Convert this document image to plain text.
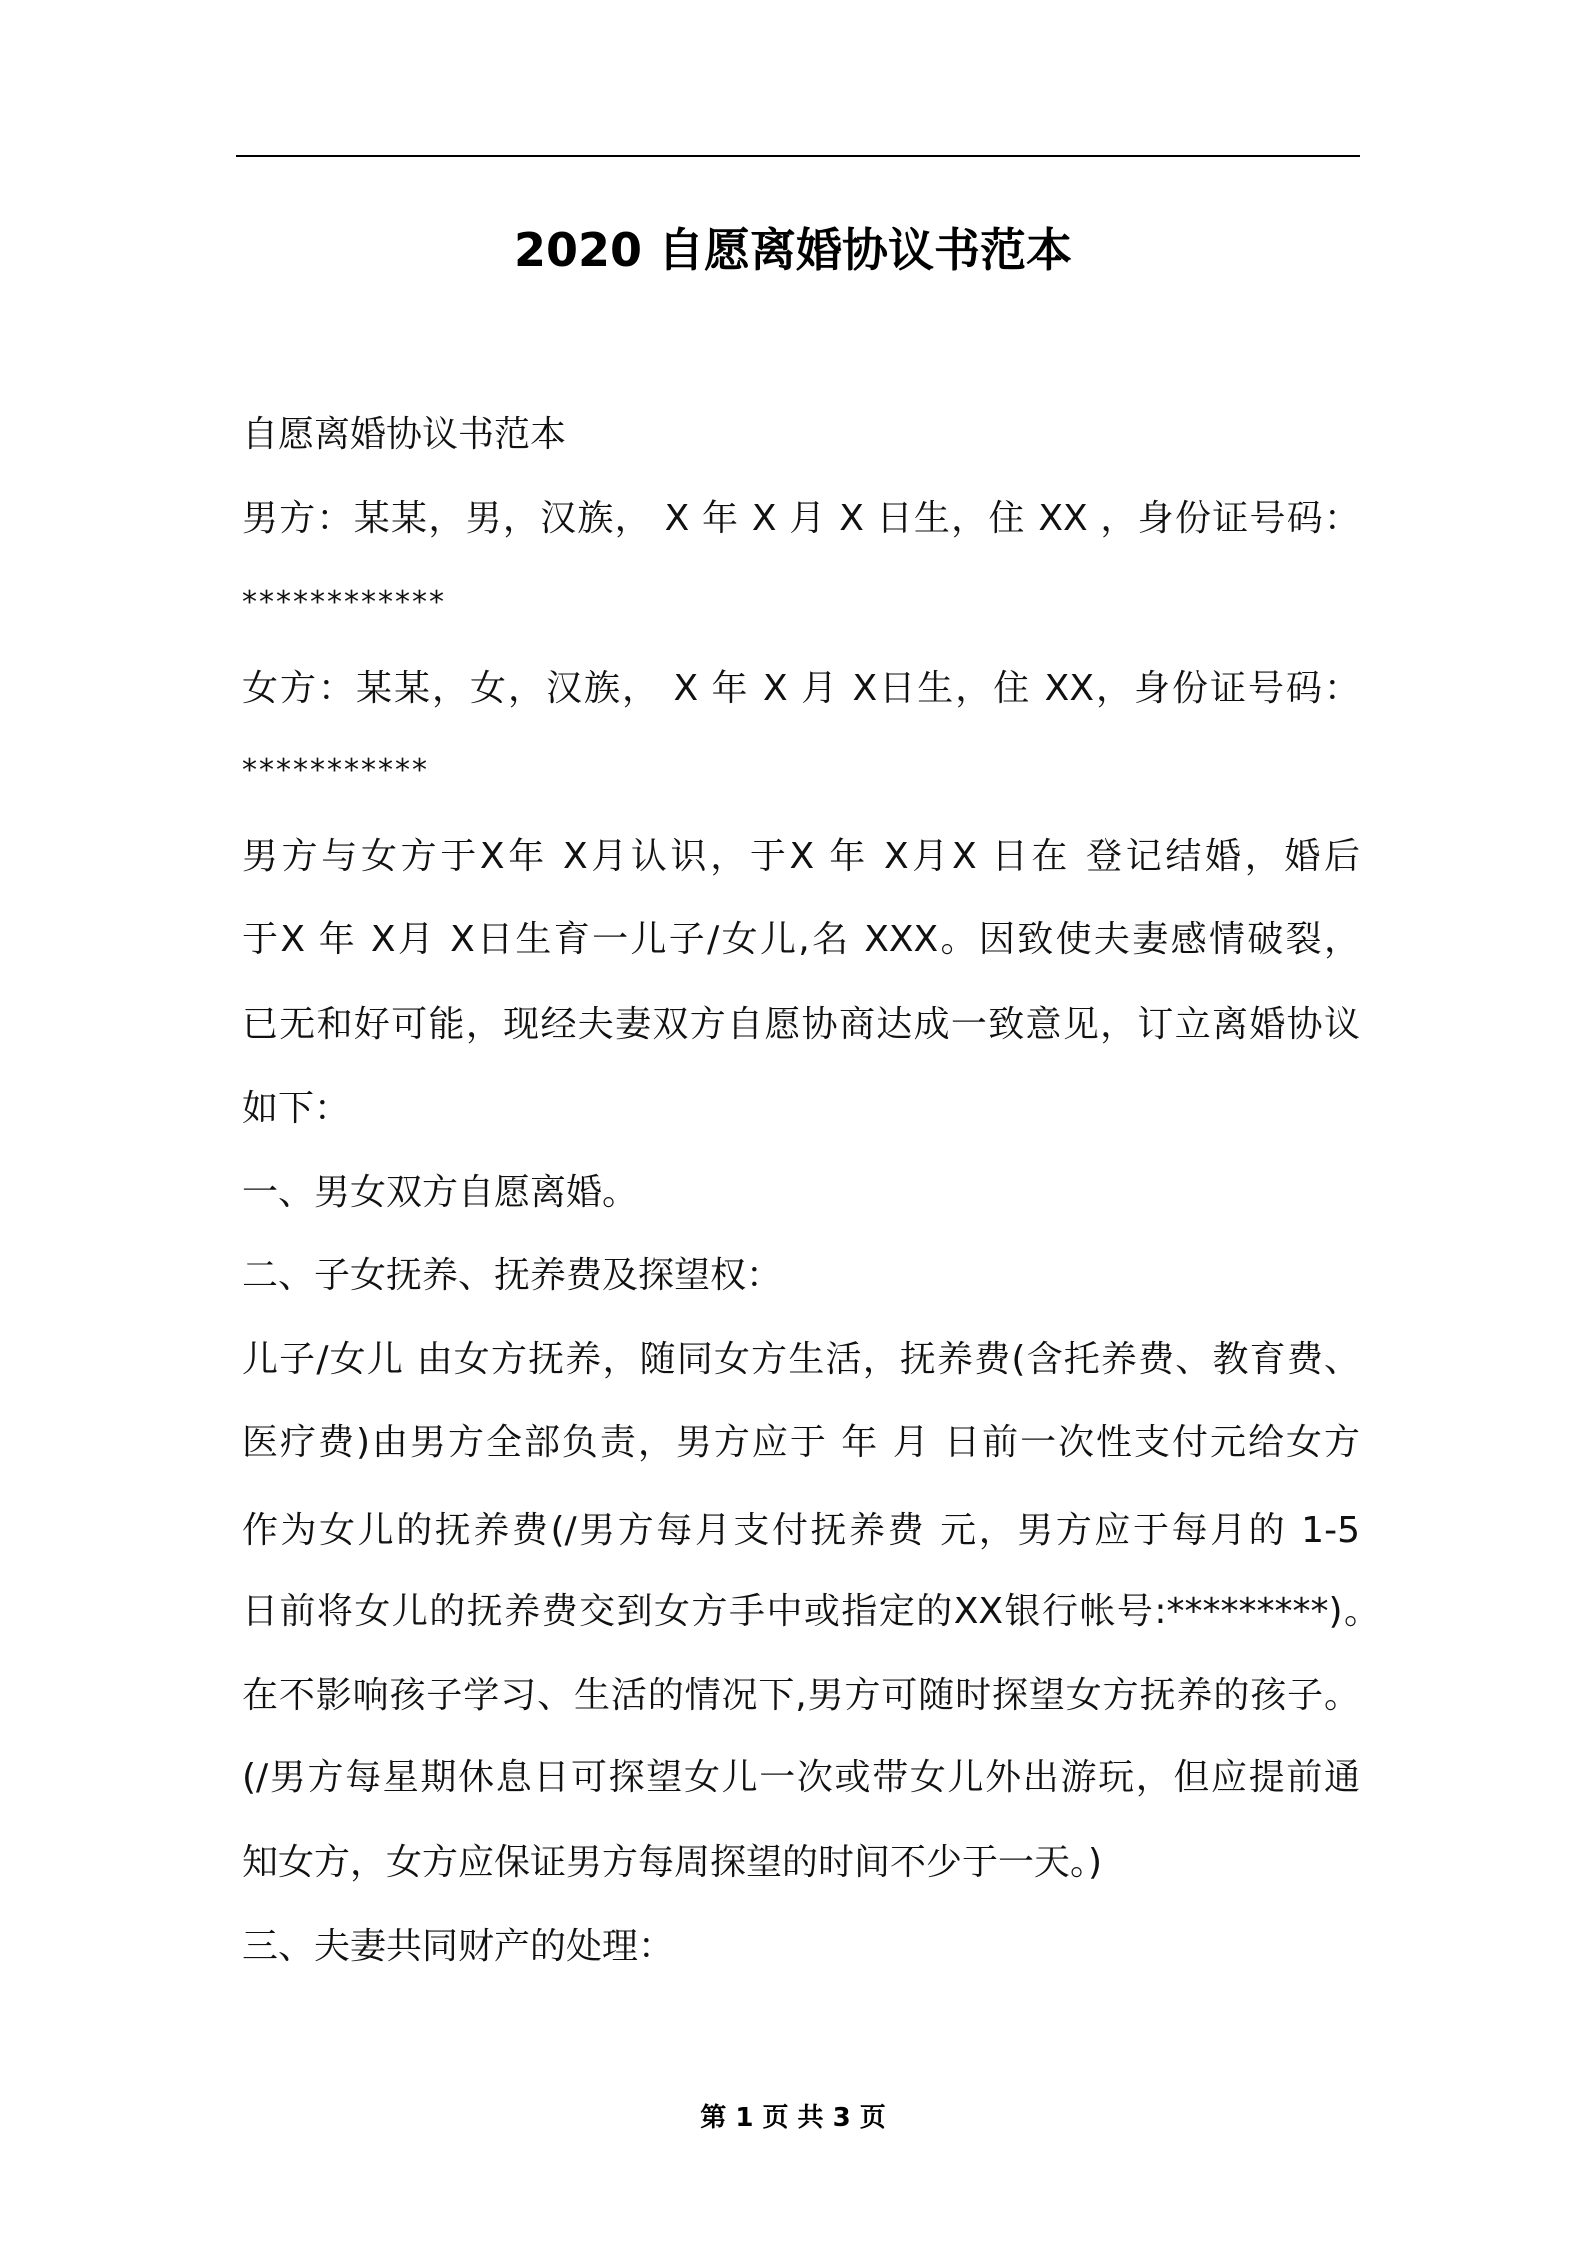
2020 自愿离婚协议书范本
自愿离婚协议书范本
男方：某某，男，汉族， X 年 X 月 X 日生，住 XX ，身份证号码：
************
女方：某某，女，汉族， X 年 X 月 X日生，住 XX，身份证号码：
***********
男方与女方于X年 X月认识，于X 年 X月X 日在 登记结婚，婚后
于X 年 X月 X日生育一儿子/女儿,名 XXX。因致使夫妻感情破裂，
已无和好可能，现经夫妻双方自愿协商达成一致意见，订立离婚协议
如下：
一、男女双方自愿离婚。
二、子女抚养、抚养费及探望权：
儿子/女儿 由女方抚养，随同女方生活，抚养费(含托养费、教育费、
医疗费)由男方全部负责，男方应于 年 月 日前一次性支付元给女方
作为女儿的抚养费(/男方每月支付抚养费 元，男方应于每月的 1-5
日前将女儿的抚养费交到女方手中或指定的XX银行帐号:*********)。
在不影响孩子学习、生活的情况下,男方可随时探望女方抚养的孩子。
(/男方每星期休息日可探望女儿一次或带女儿外出游玩，但应提前通
知女方，女方应保证男方每周探望的时间不少于一天。)
三、夫妻共同财产的处理：
第 1 页 共 3 页
